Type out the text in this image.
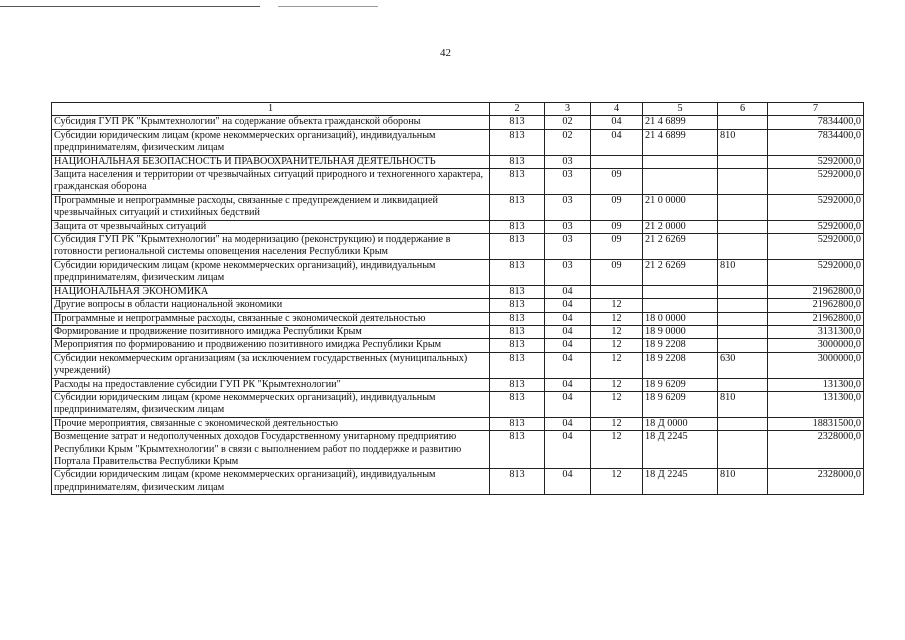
42
1	2	3	4	5	6	7
Субсидия ГУП РК "Крымтехнологии" на содержание объекта гражданской обороны	813	02	04	21 4 6899		7834400,0
Субсидии юридическим лицам (кроме некоммерческих организаций), индивидуальным предпринимателям, физическим лицам	813	02	04	21 4 6899	810	7834400,0
НАЦИОНАЛЬНАЯ БЕЗОПАСНОСТЬ И ПРАВООХРАНИТЕЛЬНАЯ ДЕЯТЕЛЬНОСТЬ	813	03				5292000,0
Защита населения и территории от чрезвычайных ситуаций природного и техногенного характера, гражданская оборона	813	03	09			5292000,0
Программные и непрограммные расходы, связанные с предупреждением и ликвидацией чрезвычайных ситуаций и стихийных бедствий	813	03	09	21 0 0000		5292000,0
Защита от чрезвычайных ситуаций	813	03	09	21 2 0000		5292000,0
Субсидия ГУП РК "Крымтехнологии" на модернизацию (реконструкцию) и поддержание в готовности региональной системы оповещения населения Республики Крым	813	03	09	21 2 6269		5292000,0
Субсидии юридическим лицам (кроме некоммерческих организаций), индивидуальным предпринимателям, физическим лицам	813	03	09	21 2 6269	810	5292000,0
НАЦИОНАЛЬНАЯ ЭКОНОМИКА	813	04				21962800,0
Другие вопросы в области национальной экономики	813	04	12			21962800,0
Программные и непрограммные расходы, связанные с экономической деятельностью	813	04	12	18 0 0000		21962800,0
Формирование и продвижение позитивного имиджа Республики Крым	813	04	12	18 9 0000		3131300,0
Мероприятия по формированию и продвижению позитивного имиджа Республики Крым	813	04	12	18 9 2208		3000000,0
Субсидии некоммерческим организациям (за исключением государственных (муниципальных) учреждений)	813	04	12	18 9 2208	630	3000000,0
Расходы на предоставление субсидии ГУП РК "Крымтехнологии"	813	04	12	18 9 6209		131300,0
Субсидии юридическим лицам (кроме некоммерческих организаций), индивидуальным предпринимателям, физическим лицам	813	04	12	18 9 6209	810	131300,0
Прочие мероприятия, связанные с экономической деятельностью	813	04	12	18 Д 0000		18831500,0
Возмещение затрат и недополученных доходов Государственному унитарному предприятию Республики Крым "Крымтехнологии" в связи с выполнением работ по поддержке и развитию Портала Правительства Республики Крым	813	04	12	18 Д 2245		2328000,0
Субсидии юридическим лицам (кроме некоммерческих организаций), индивидуальным предпринимателям, физическим лицам	813	04	12	18 Д 2245	810	2328000,0
